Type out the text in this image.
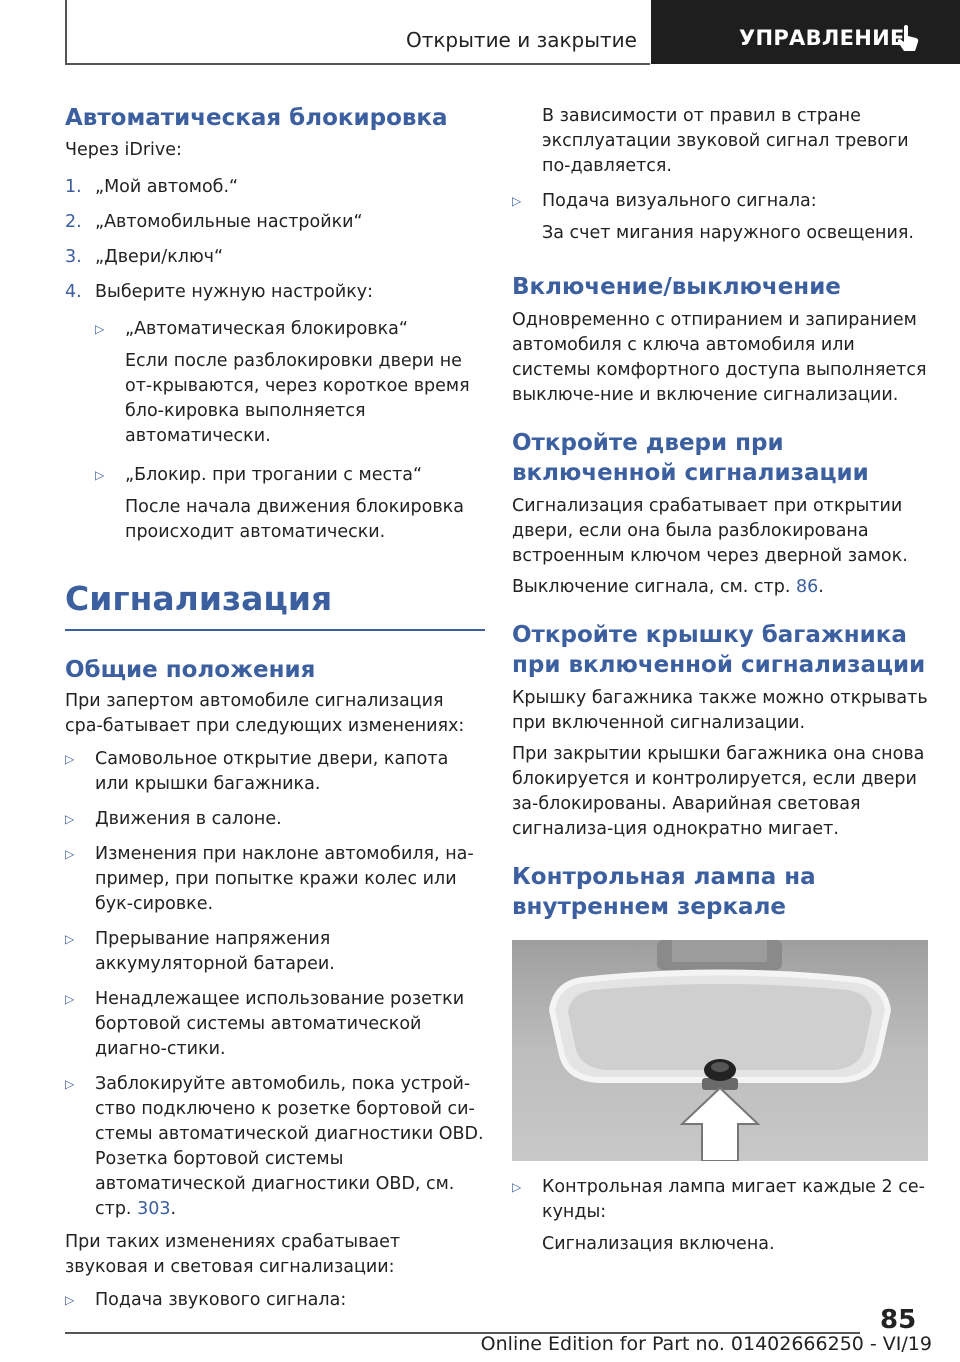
Открытие и закрытие	УПРАВЛЕНИЕ
Автоматическая блокировка
Через iDrive:
1. „Мой автомоб.“
2. „Автомобильные настройки“
3. „Двери/ключ“
4. Выберите нужную настройку:
▷	„Автоматическая блокировка“
Если после разблокировки двери не от-крываются, через короткое время бло-кировка выполняется автоматически.
▷	„Блокир. при трогании с места“
После начала движения блокировка происходит автоматически.
Сигнализация
Общие положения
При запертом автомобиле сигнализация сра-батывает при следующих изменениях:
▷	Самовольное открытие двери, капота или крышки багажника.
▷	Движения в салоне.
▷	Изменения при наклоне автомобиля, на-пример, при попытке кражи колес или бук-сировке.
▷	Прерывание напряжения аккумуляторной батареи.
▷	Ненадлежащее использование розетки бортовой системы автоматической диагно-стики.
▷	Заблокируйте автомобиль, пока устрой-ство подключено к розетке бортовой си-стемы автоматической диагностики OBD. Розетка бортовой системы автоматической диагностики OBD, см. стр. 303.
При таких изменениях срабатывает звуковая и световая сигнализации:
▷	Подача звукового сигнала:
В зависимости от правил в стране эксплуатации звуковой сигнал тревоги по-давляется.
▷	Подача визуального сигнала:
За счет мигания наружного освещения.
Включение/выключение
Одновременно с отпиранием и запиранием автомобиля с ключа автомобиля или системы комфортного доступа выполняется выключе-ние и включение сигнализации.
Откройте двери при включенной сигнализации
Сигнализация срабатывает при открытии двери, если она была разблокирована встроенным ключом через дверной замок.
Выключение сигнала, см. стр. 86.
Откройте крышку багажника при включенной сигнализации
Крышку багажника также можно открывать при включенной сигнализации.
При закрытии крышки багажника она снова блокируется и контролируется, если двери за-блокированы. Аварийная световая сигнализа-ция однократно мигает.
Контрольная лампа на внутреннем зеркале
▷	Контрольная лампа мигает каждые 2 се-кунды:
Сигнализация включена.
85
Online Edition for Part no. 01402666250 - VI/19
